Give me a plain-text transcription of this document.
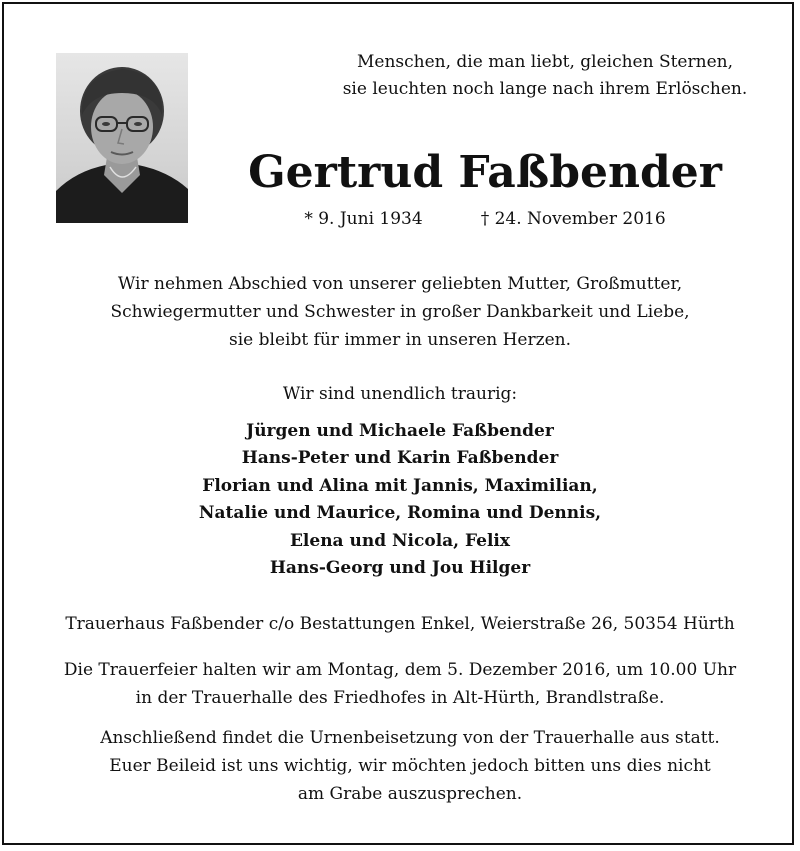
Menschen, die man liebt, gleichen Sternen,

sie leuchten noch lange nach ihrem Erlöschen.

Gertrud Faßbender
* 9. Juni 1934	† 24. November 2016

Wir nehmen Abschied von unserer geliebten Mutter, Großmutter,

Schwiegermutter und Schwester in großer Dankbarkeit und Liebe,

sie bleibt für immer in unseren Herzen.

Wir sind unendlich traurig:

Jürgen und Michaele Faßbender

Hans-Peter und Karin Faßbender

Florian und Alina mit Jannis, Maximilian,

Natalie und Maurice, Romina und Dennis,

Elena und Nicola, Felix

Hans-Georg und Jou Hilger

Trauerhaus Faßbender c/o Bestattungen Enkel, Weierstraße 26, 50354 Hürth

Die Trauerfeier halten wir am Montag, dem 5. Dezember 2016, um 10.00 Uhr

in der Trauerhalle des Friedhofes in Alt-Hürth, Brandlstraße.

Anschließend findet die Urnenbeisetzung von der Trauerhalle aus statt.

Euer Beileid ist uns wichtig, wir möchten jedoch bitten uns dies nicht

am Grabe auszusprechen.
